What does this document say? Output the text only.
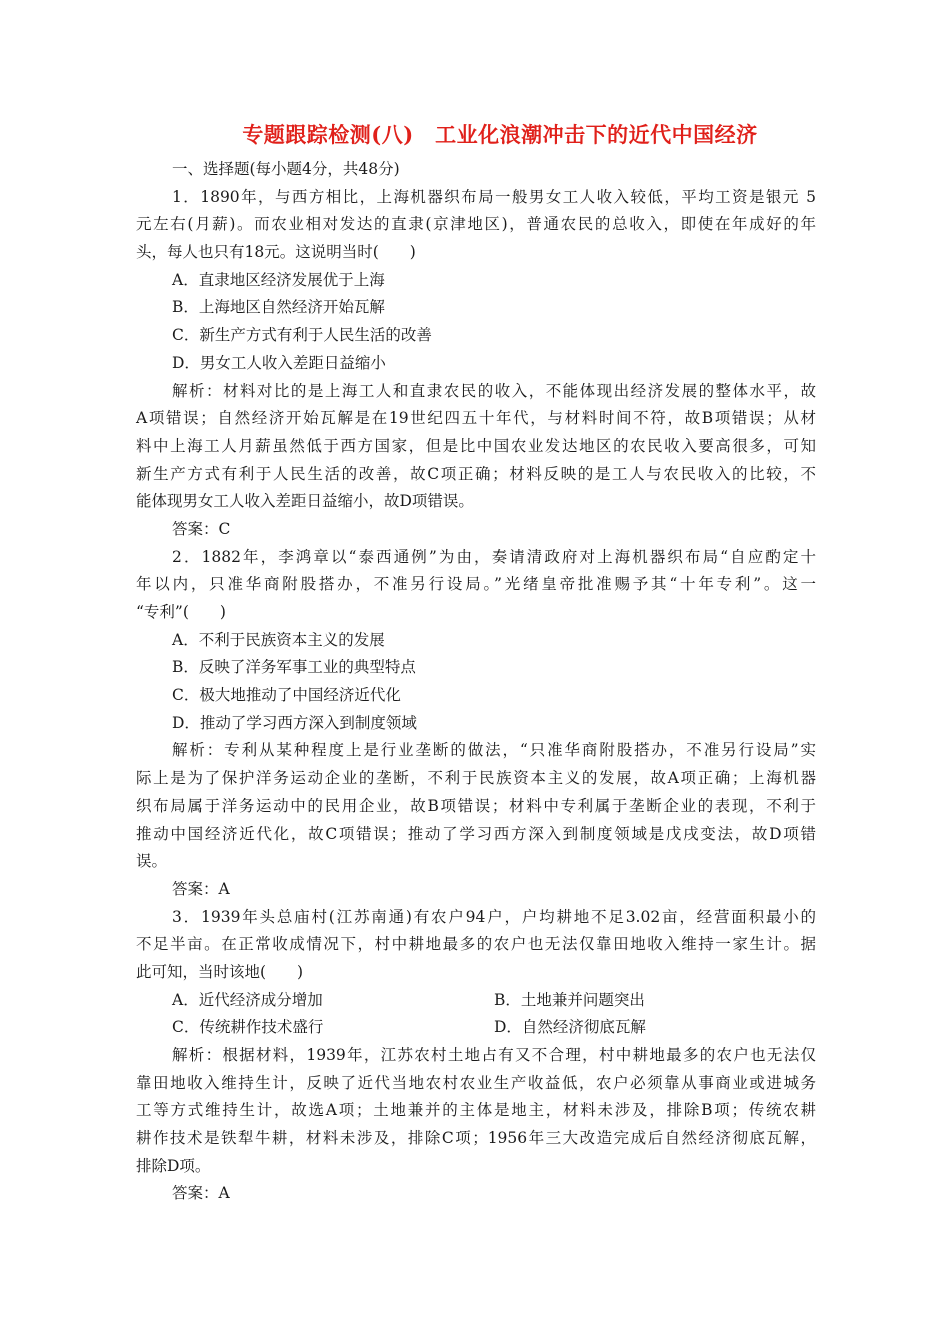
专题跟踪检测(八)　工业化浪潮冲击下的近代中国经济
一、选择题(每小题4分，共48分)
1．1890年，与西方相比，上海机器织布局一般男女工人收入较低，平均工资是银元 5
元左右(月薪)。而农业相对发达的直隶(京津地区)，普通农民的总收入，即使在年成好的年
头，每人也只有18元。这说明当时(　　)
A．直隶地区经济发展优于上海
B．上海地区自然经济开始瓦解
C．新生产方式有利于人民生活的改善
D．男女工人收入差距日益缩小
解析：材料对比的是上海工人和直隶农民的收入，不能体现出经济发展的整体水平，故
A项错误；自然经济开始瓦解是在19世纪四五十年代，与材料时间不符，故B项错误；从材
料中上海工人月薪虽然低于西方国家，但是比中国农业发达地区的农民收入要高很多，可知
新生产方式有利于人民生活的改善，故C项正确；材料反映的是工人与农民收入的比较，不
能体现男女工人收入差距日益缩小，故D项错误。
答案：C
2．1882年，李鸿章以“泰西通例”为由，奏请清政府对上海机器织布局“自应酌定十
年以内，只准华商附股搭办，不准另行设局。”光绪皇帝批准赐予其“十年专利”。这一
“专利”(　　)
A．不利于民族资本主义的发展
B．反映了洋务军事工业的典型特点
C．极大地推动了中国经济近代化
D．推动了学习西方深入到制度领域
解析：专利从某种程度上是行业垄断的做法，“只准华商附股搭办，不准另行设局”实
际上是为了保护洋务运动企业的垄断，不利于民族资本主义的发展，故A项正确；上海机器
织布局属于洋务运动中的民用企业，故B项错误；材料中专利属于垄断企业的表现，不利于
推动中国经济近代化，故C项错误；推动了学习西方深入到制度领域是戊戌变法，故D项错
误。
答案：A
3．1939年头总庙村(江苏南通)有农户94户，户均耕地不足3.02亩，经营面积最小的
不足半亩。在正常收成情况下，村中耕地最多的农户也无法仅靠田地收入维持一家生计。据
此可知，当时该地(　　)
A．近代经济成分增加	B．土地兼并问题突出
C．传统耕作技术盛行	D．自然经济彻底瓦解
解析：根据材料，1939年，江苏农村土地占有又不合理，村中耕地最多的农户也无法仅
靠田地收入维持生计，反映了近代当地农村农业生产收益低，农户必须靠从事商业或进城务
工等方式维持生计，故选A项；土地兼并的主体是地主，材料未涉及，排除B项；传统农耕
耕作技术是铁犁牛耕，材料未涉及，排除C项；1956年三大改造完成后自然经济彻底瓦解，
排除D项。
答案：A
